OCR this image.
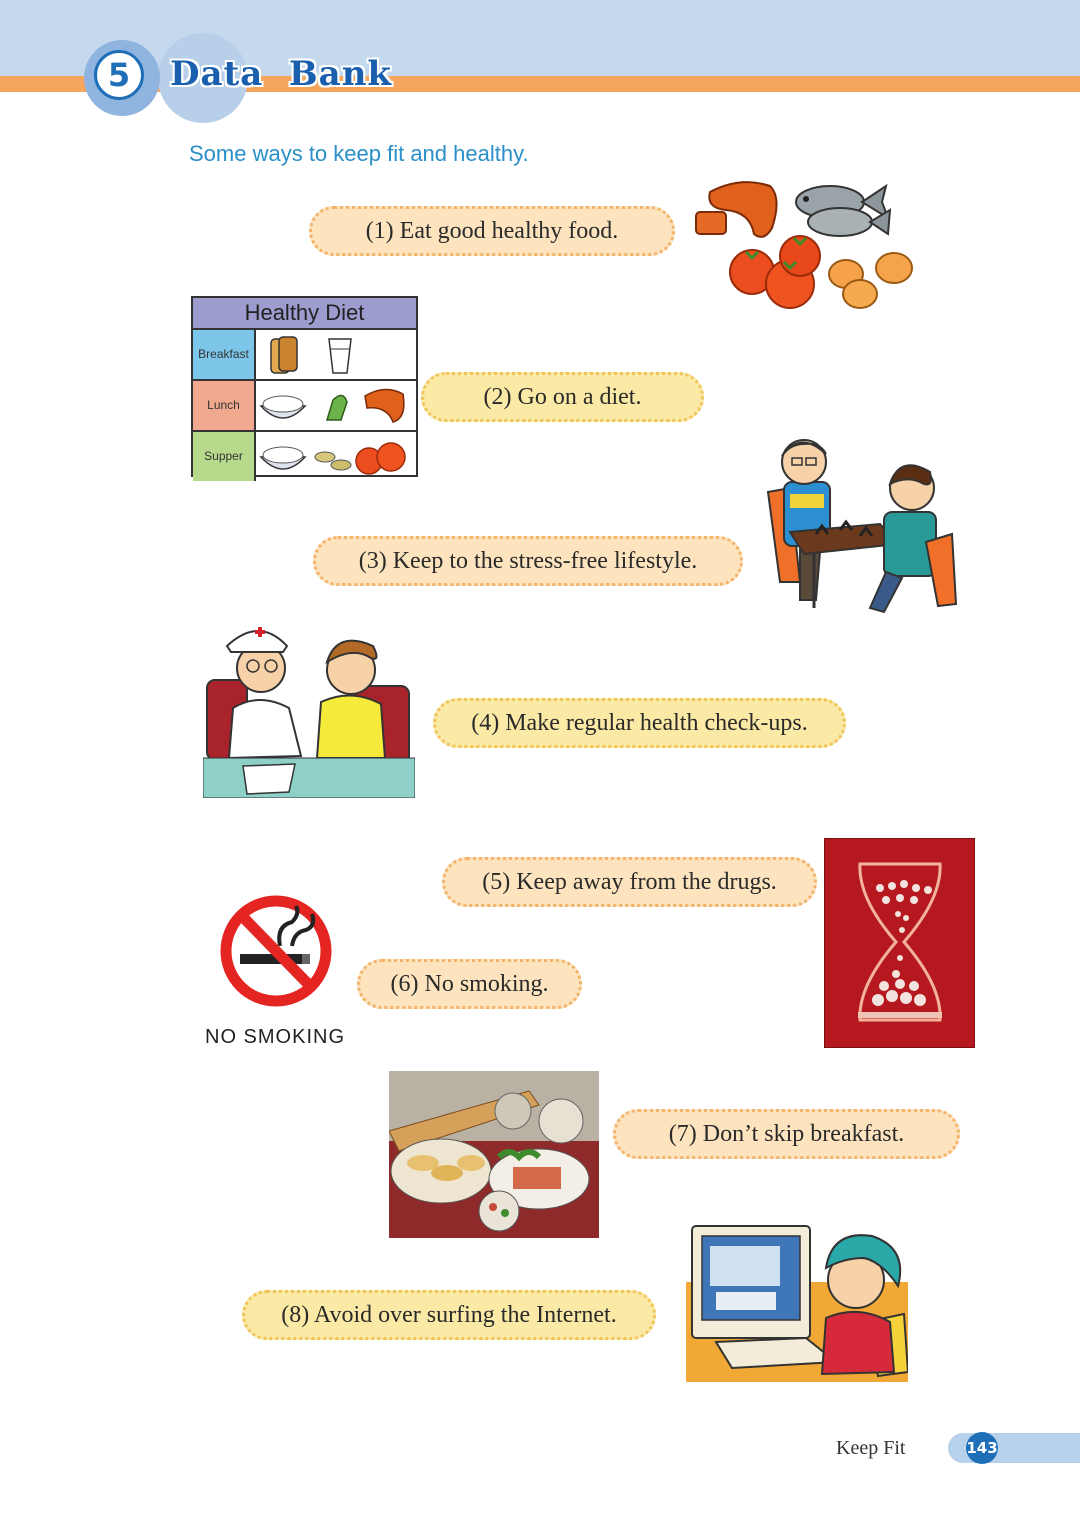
5	Data  Bank
Some ways to keep fit and healthy.
(1) Eat good healthy food.
(2) Go on a diet.
(3) Keep to the stress-free lifestyle.
(4) Make regular health check-ups.
(5) Keep away from the drugs.
(6) No smoking.
(7) Don’t skip breakfast.
(8) Avoid over surfing the Internet.
Healthy Diet
Breakfast
Lunch
Supper
NO SMOKING
Keep Fit	143
